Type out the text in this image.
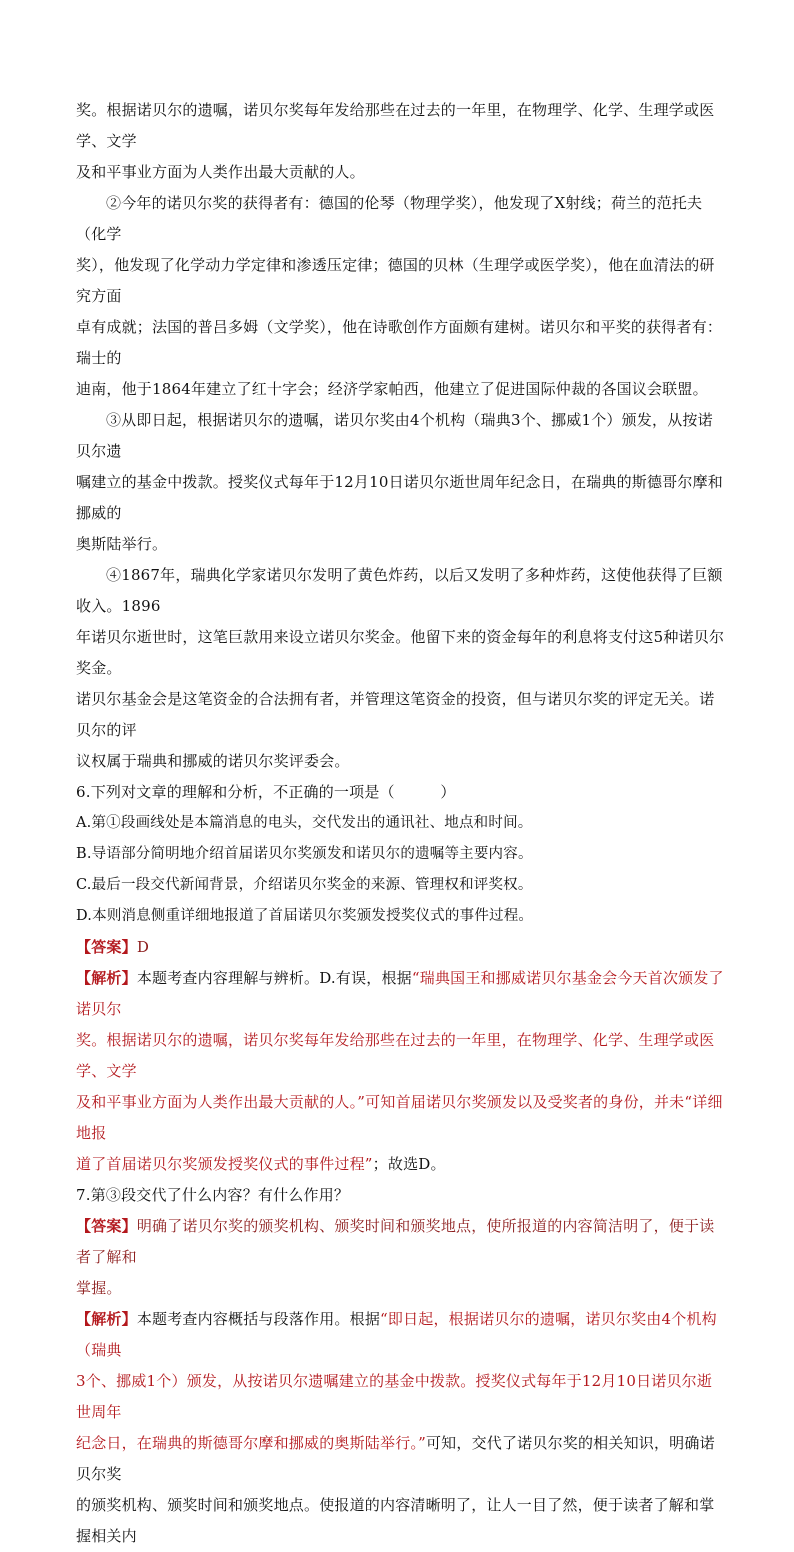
奖。根据诺贝尔的遗嘱，诺贝尔奖每年发给那些在过去的一年里，在物理学、化学、生理学或医学、文学

及和平事业方面为人类作出最大贡献的人。

②今年的诺贝尔奖的获得者有：德国的伦琴（物理学奖），他发现了X射线；荷兰的范托夫（化学

奖），他发现了化学动力学定律和渗透压定律；德国的贝林（生理学或医学奖），他在血清法的研究方面

卓有成就；法国的普吕多姆（文学奖），他在诗歌创作方面颇有建树。诺贝尔和平奖的获得者有：瑞士的

迪南，他于1864年建立了红十字会；经济学家帕西，他建立了促进国际仲裁的各国议会联盟。

③从即日起，根据诺贝尔的遗嘱，诺贝尔奖由4个机构（瑞典3个、挪威1个）颁发，从按诺贝尔遗

嘱建立的基金中拨款。授奖仪式每年于12月10日诺贝尔逝世周年纪念日，在瑞典的斯德哥尔摩和挪威的

奥斯陆举行。

④1867年，瑞典化学家诺贝尔发明了黄色炸药，以后又发明了多种炸药，这使他获得了巨额收入。1896

年诺贝尔逝世时，这笔巨款用来设立诺贝尔奖金。他留下来的资金每年的利息将支付这5种诺贝尔奖金。

诺贝尔基金会是这笔资金的合法拥有者，并管理这笔资金的投资，但与诺贝尔奖的评定无关。诺贝尔的评

议权属于瑞典和挪威的诺贝尔奖评委会。

6.下列对文章的理解和分析，不正确的一项是（　　　）

A.第①段画线处是本篇消息的电头，交代发出的通讯社、地点和时间。

B.导语部分简明地介绍首届诺贝尔奖颁发和诺贝尔的遗嘱等主要内容。

C.最后一段交代新闻背景，介绍诺贝尔奖金的来源、管理权和评奖权。

D.本则消息侧重详细地报道了首届诺贝尔奖颁发授奖仪式的事件过程。

【答案】D

【解析】本题考查内容理解与辨析。D.有误，根据“瑞典国王和挪威诺贝尔基金会今天首次颁发了诺贝尔

奖。根据诺贝尔的遗嘱，诺贝尔奖每年发给那些在过去的一年里，在物理学、化学、生理学或医学、文学

及和平事业方面为人类作出最大贡献的人。”可知首届诺贝尔奖颁发以及受奖者的身份，并未“详细地报

道了首届诺贝尔奖颁发授奖仪式的事件过程”；故选D。

7.第③段交代了什么内容？有什么作用？

【答案】明确了诺贝尔奖的颁奖机构、颁奖时间和颁奖地点，使所报道的内容简洁明了，便于读者了解和

掌握。

【解析】本题考查内容概括与段落作用。根据“即日起，根据诺贝尔的遗嘱，诺贝尔奖由4个机构（瑞典

3个、挪威1个）颁发，从按诺贝尔遗嘱建立的基金中拨款。授奖仪式每年于12月10日诺贝尔逝世周年

纪念日，在瑞典的斯德哥尔摩和挪威的奥斯陆举行。”可知，交代了诺贝尔奖的相关知识，明确诺贝尔奖

的颁奖机构、颁奖时间和颁奖地点。使报道的内容清晰明了，让人一目了然，便于读者了解和掌握相关内
